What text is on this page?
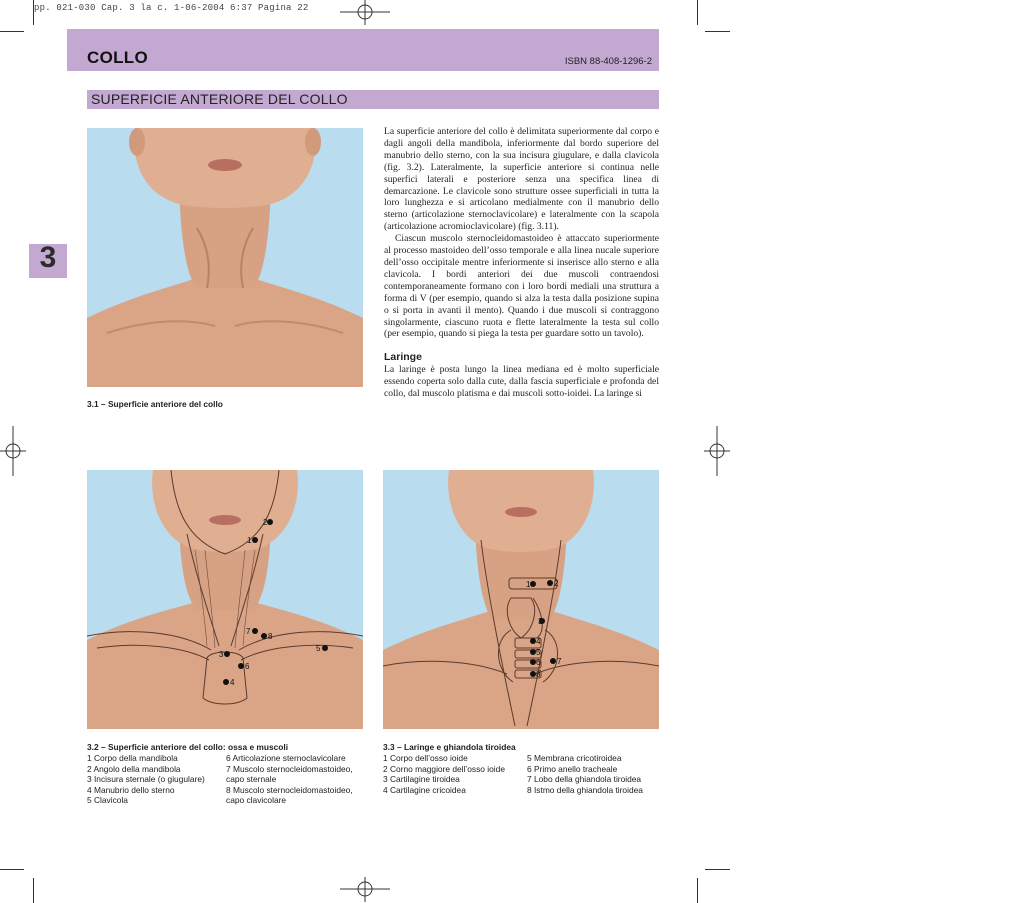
pp. 021-030 Cap. 3 la c. 1-06-2004 6:37 Pagina 22
COLLO	ISBN 88-408-1296-2
SUPERFICIE ANTERIORE DEL COLLO
3
3.1 – Superficie anteriore del collo

La superficie anteriore del collo è delimitata superiormente dal corpo e dagli angoli della mandibola, inferiormente dal bordo superiore del manubrio dello sterno, con la sua incisura giugulare, e dalla clavicola (fig. 3.2). Lateralmente, la superficie anteriore si continua nelle superfici laterali e posteriore senza una specifica linea di demarcazione. Le clavicole sono strutture ossee superficiali in tutta la loro lunghezza e si articolano medialmente con il manubrio dello sterno (articolazione sternoclavicolare) e lateralmente con la scapola (articolazione acromioclavicolare) (fig. 3.11).

Ciascun muscolo sternocleidomastoideo è attaccato superiormente al processo mastoideo dell’osso temporale e alla linea nucale superiore dell’osso occipitale mentre inferiormente si inserisce allo sterno e alla clavicola. I bordi anteriori dei due muscoli contraendosi contemporaneamente formano con i loro bordi mediali una struttura a forma di V (per esempio, quando si alza la testa dalla posizione supina o si porta in avanti il mento). Quando i due muscoli si contraggono singolarmente, ciascuno ruota e flette lateralmente la testa sul collo (per esempio, quando si piega la testa per guardare sotto un tavolo).

Laringe

La laringe è posta lungo la linea mediana ed è molto superficiale essendo coperta solo dalla cute, dalla fascia superficiale e profonda del collo, dal muscolo platisma e dai muscoli sotto-ioidei. La laringe si

1
2
3
4
5
6
7
8
3.2 – Superficie anteriore del collo: ossa e muscoli
1 Corpo della mandibola
2 Angolo della mandibola
3 Incisura sternale (o giugulare)
4 Manubrio dello sterno
5 Clavicola
6 Articolazione sternoclavicolare
7 Muscolo sternocleidomastoideo,
capo sternale
8 Muscolo sternocleidomastoideo,
capo clavicolare
1	2
3
4
5
6 7
8
3.3 – Laringe e ghiandola tiroidea
1 Corpo dell’osso ioide
2 Corno maggiore dell’osso ioide
3 Cartilagine tiroidea
4 Cartilagine cricoidea
5 Membrana cricotiroidea
6 Primo anello tracheale
7 Lobo della ghiandola tiroidea
8 Istmo della ghiandola tiroidea
